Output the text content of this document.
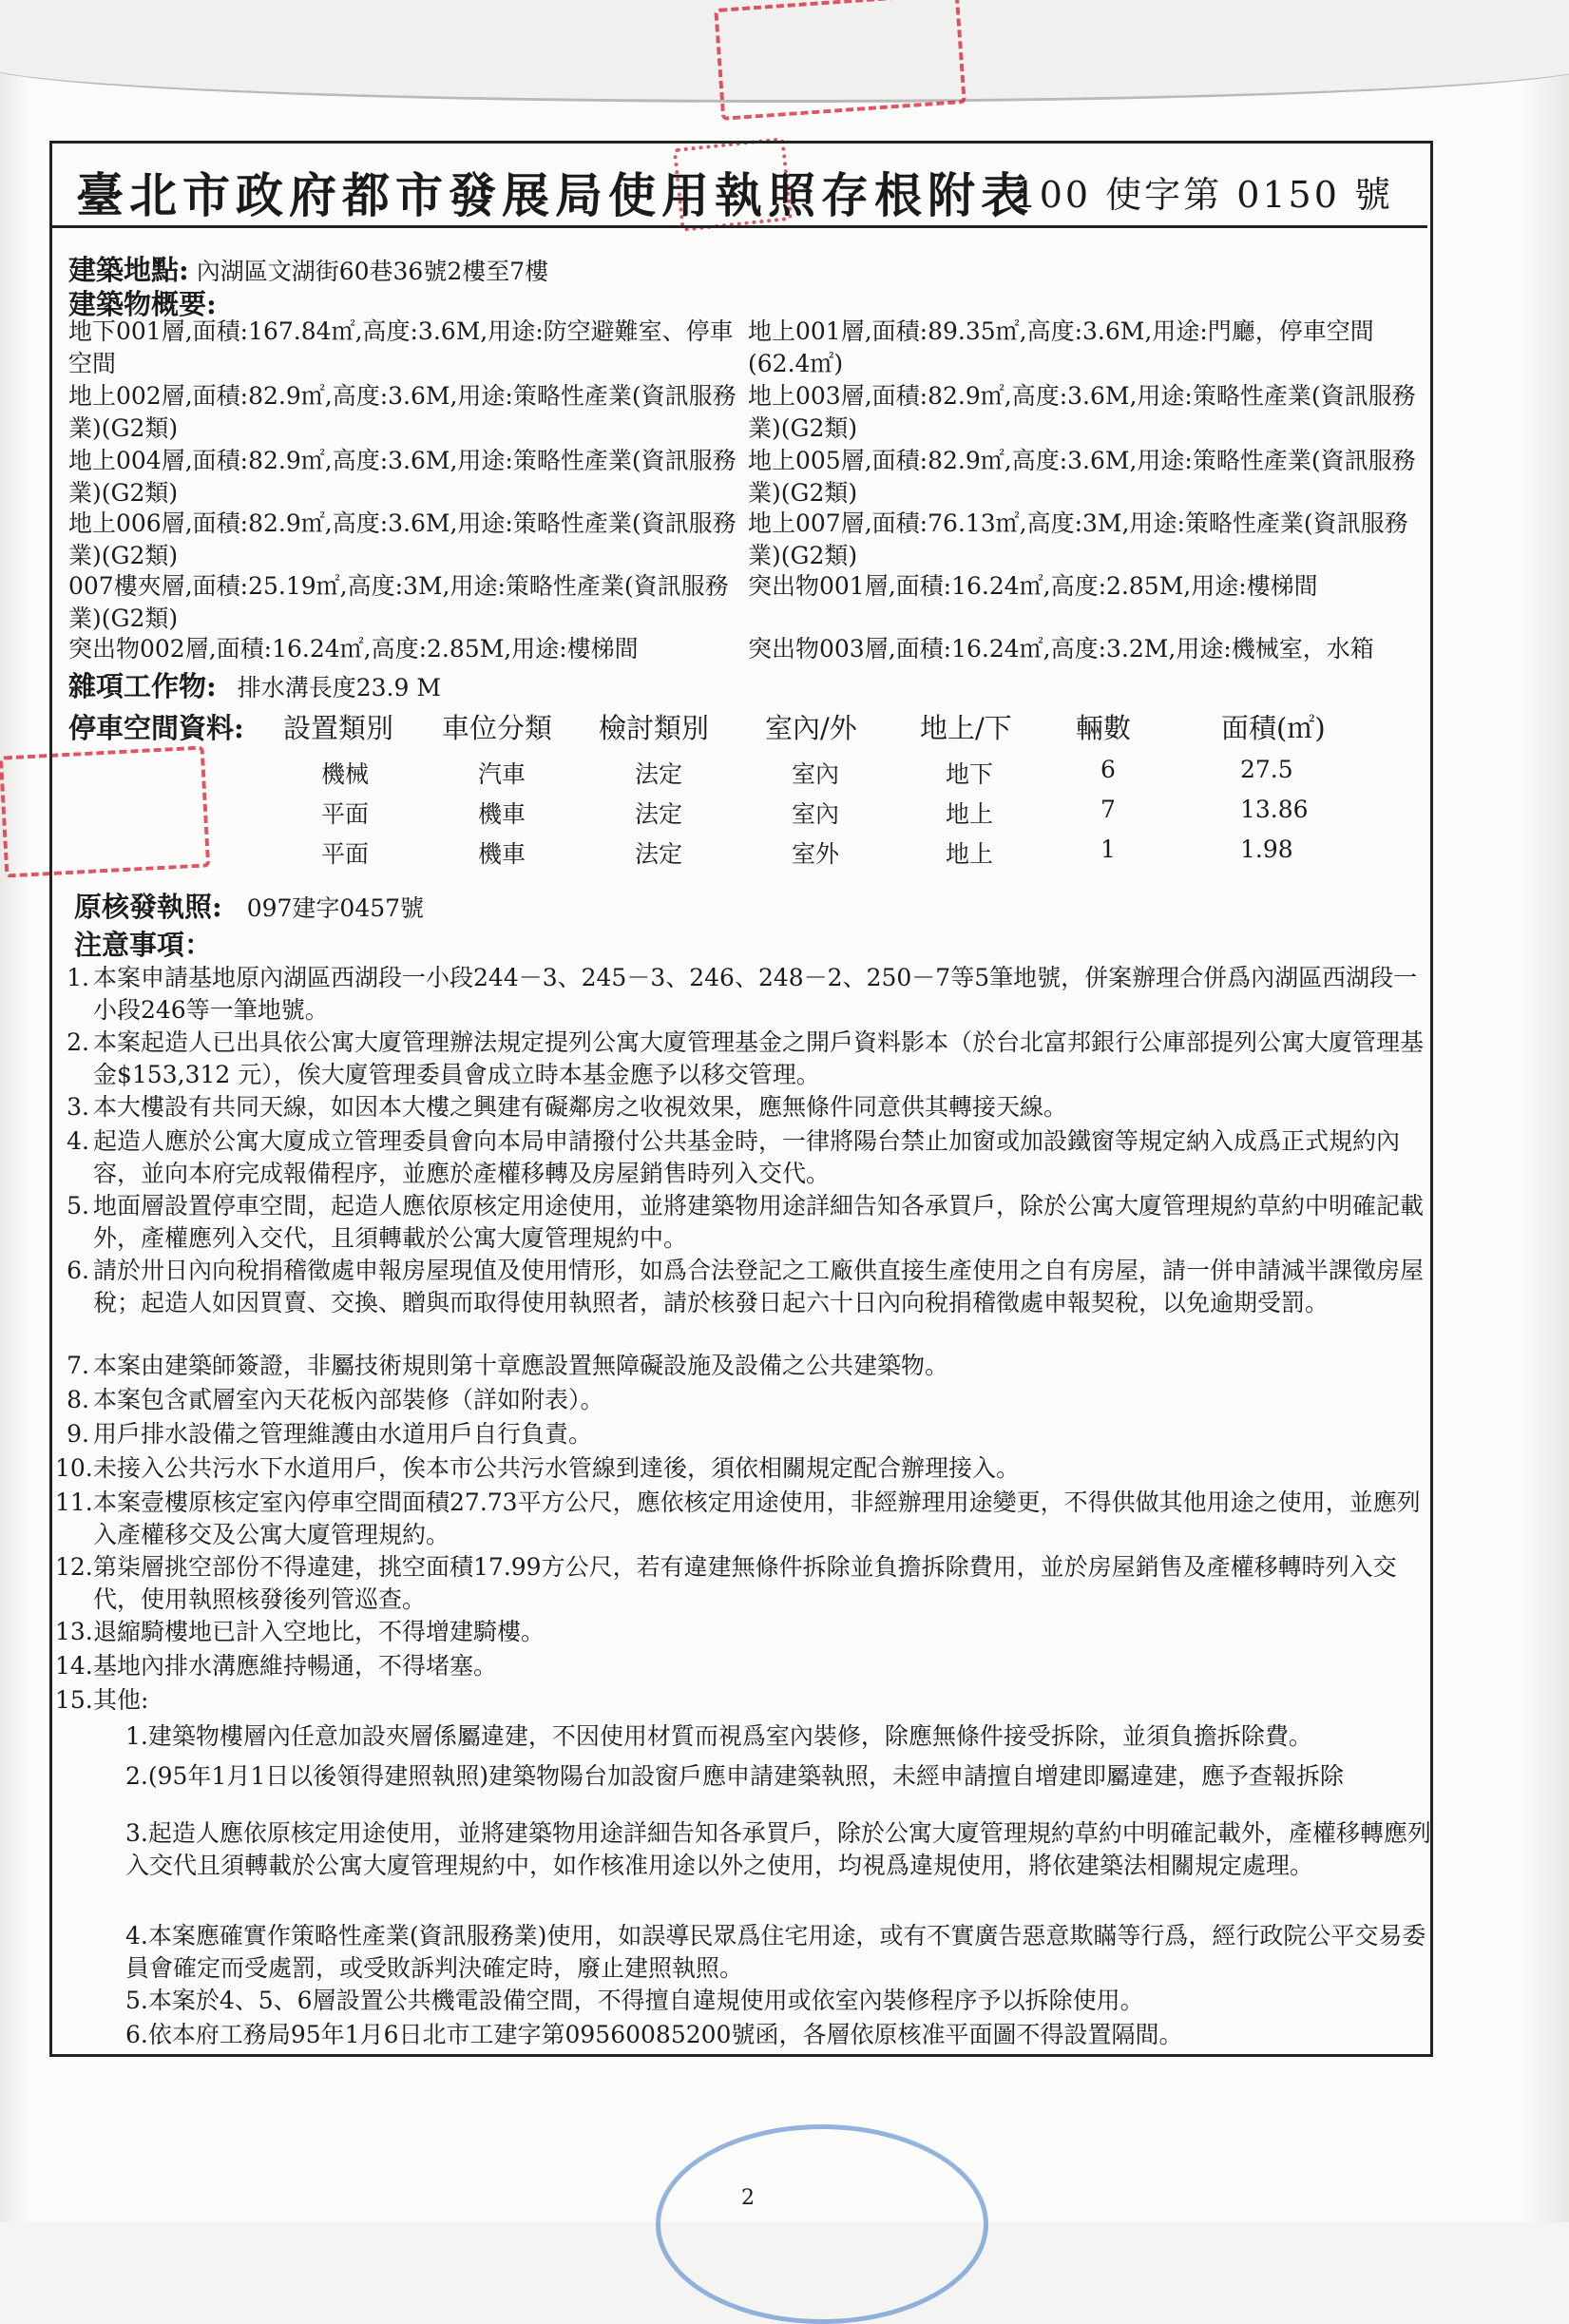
臺北市政府都市發展局使用執照存根附表
100 使字第 0150 號
建築地點: 內湖區文湖街60巷36號2樓至7樓
建築物概要:
地下001層,面積:167.84㎡,高度:3.6M,用途:防空避難室、停車空間
地上001層,面積:89.35㎡,高度:3.6M,用途:門廳，停車空間(62.4㎡)
地上002層,面積:82.9㎡,高度:3.6M,用途:策略性產業(資訊服務業)(G2類)
地上003層,面積:82.9㎡,高度:3.6M,用途:策略性產業(資訊服務業)(G2類)
地上004層,面積:82.9㎡,高度:3.6M,用途:策略性產業(資訊服務業)(G2類)
地上005層,面積:82.9㎡,高度:3.6M,用途:策略性產業(資訊服務業)(G2類)
地上006層,面積:82.9㎡,高度:3.6M,用途:策略性產業(資訊服務業)(G2類)
地上007層,面積:76.13㎡,高度:3M,用途:策略性產業(資訊服務業)(G2類)
007樓夾層,面積:25.19㎡,高度:3M,用途:策略性產業(資訊服務業)(G2類)
突出物001層,面積:16.24㎡,高度:2.85M,用途:樓梯間
突出物002層,面積:16.24㎡,高度:2.85M,用途:樓梯間	突出物003層,面積:16.24㎡,高度:3.2M,用途:機械室，水箱
雜項工作物: 排水溝長度23.9 M
停車空間資料: 設置類別 車位分類 檢討類別 室內/外 地上/下 輛數	面積(㎡)
機械	汽車	法定	室內	地下	6	27.5
平面	機車	法定	室內	地上	7	13.86
平面	機車	法定	室外	地上	1	1.98
原核發執照: 097建字0457號
注意事項：
1. 本案申請基地原內湖區西湖段一小段244－3、245－3、246、248－2、250－7等5筆地號，併案辦理合併爲內湖區西湖段一小段246等一筆地號。
2. 本案起造人已出具依公寓大廈管理辦法規定提列公寓大廈管理基金之開戶資料影本（於台北富邦銀行公庫部提列公寓大廈管理基金$153,312 元），俟大廈管理委員會成立時本基金應予以移交管理。
3. 本大樓設有共同天線，如因本大樓之興建有礙鄰房之收視效果，應無條件同意供其轉接天線。
4. 起造人應於公寓大廈成立管理委員會向本局申請撥付公共基金時，一律將陽台禁止加窗或加設鐵窗等規定納入成爲正式規約內容，並向本府完成報備程序，並應於產權移轉及房屋銷售時列入交代。
5. 地面層設置停車空間，起造人應依原核定用途使用，並將建築物用途詳細告知各承買戶，除於公寓大廈管理規約草約中明確記載外，產權應列入交代，且須轉載於公寓大廈管理規約中。
6. 請於卅日內向稅捐稽徵處申報房屋現值及使用情形，如爲合法登記之工廠供直接生產使用之自有房屋，請一併申請減半課徵房屋稅；起造人如因買賣、交換、贈與而取得使用執照者，請於核發日起六十日內向稅捐稽徵處申報契稅，以免逾期受罰。
7. 本案由建築師簽證，非屬技術規則第十章應設置無障礙設施及設備之公共建築物。
8. 本案包含貳層室內天花板內部裝修（詳如附表）。
9. 用戶排水設備之管理維護由水道用戶自行負責。
10. 未接入公共污水下水道用戶，俟本市公共污水管線到達後，須依相關規定配合辦理接入。
11. 本案壹樓原核定室內停車空間面積27.73平方公尺，應依核定用途使用，非經辦理用途變更，不得供做其他用途之使用，並應列入產權移交及公寓大廈管理規約。
12. 第柒層挑空部份不得違建，挑空面積17.99方公尺，若有違建無條件拆除並負擔拆除費用，並於房屋銷售及產權移轉時列入交代，使用執照核發後列管巡查。
13. 退縮騎樓地已計入空地比，不得增建騎樓。
14. 基地內排水溝應維持暢通，不得堵塞。
15. 其他:
1.建築物樓層內任意加設夾層係屬違建，不因使用材質而視爲室內裝修，除應無條件接受拆除，並須負擔拆除費。
2.(95年1月1日以後領得建照執照)建築物陽台加設窗戶應申請建築執照，未經申請擅自增建即屬違建，應予查報拆除
3.起造人應依原核定用途使用，並將建築物用途詳細告知各承買戶，除於公寓大廈管理規約草約中明確記載外，產權移轉應列入交代且須轉載於公寓大廈管理規約中，如作核准用途以外之使用，均視爲違規使用，將依建築法相關規定處理。
4.本案應確實作策略性產業(資訊服務業)使用，如誤導民眾爲住宅用途，或有不實廣告惡意欺瞞等行爲，經行政院公平交易委員會確定而受處罰，或受敗訴判決確定時，廢止建照執照。
5.本案於4、5、6層設置公共機電設備空間，不得擅自違規使用或依室內裝修程序予以拆除使用。
6.依本府工務局95年1月6日北市工建字第09560085200號函，各層依原核准平面圖不得設置隔間。
2
